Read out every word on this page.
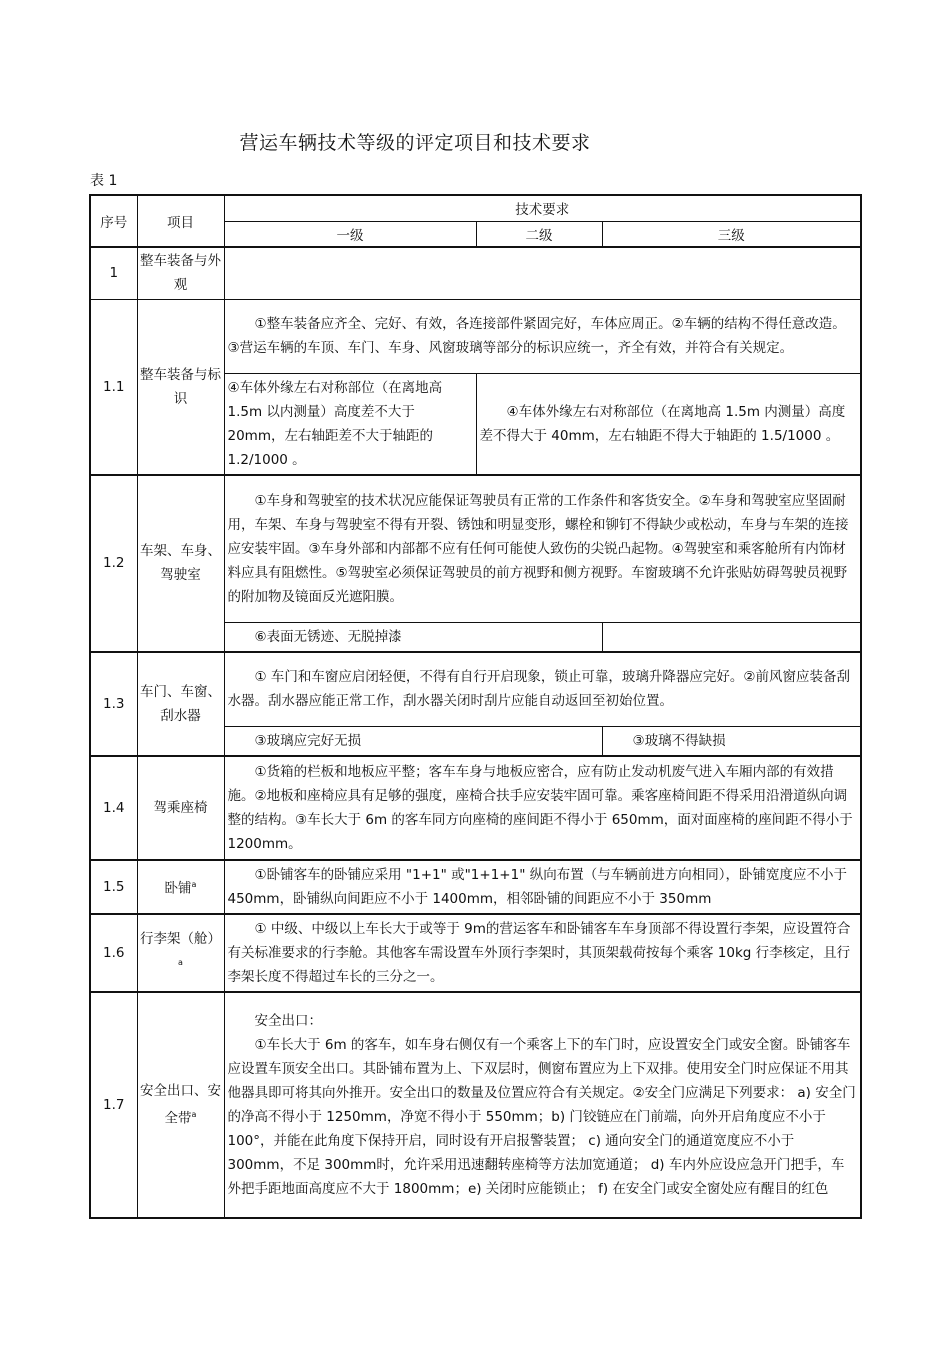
营运车辆技术等级的评定项目和技术要求
表 1
序号	项目	技术要求		
		一级	二级	三级
1	整车装备与外观			
1.1	整车装备与标识	①整车装备应齐全、完好、有效，各连接部件紧固完好，车体应周正。②车辆的结构不得任意改造。③营运车辆的车顶、车门、车身、风窗玻璃等部分的标识应统一，齐全有效，并符合有关规定。		

		④车体外缘左右对称部位（在离地高 1.5m 以内测量）高度差不大于 20mm，左右轴距差不大于轴距的 1.2/1000 。	④车体外缘左右对称部位（在离地高 1.5m 内测量）高度差不得大于 40mm，左右轴距不得大于轴距的 1.5/1000 。	

1.2	车架、车身、驾驶室	①车身和驾驶室的技术状况应能保证驾驶员有正常的工作条件和客货安全。②车身和驾驶室应坚固耐用，车架、车身与驾驶室不得有开裂、锈蚀和明显变形，螺栓和铆钉不得缺少或松动，车身与车架的连接应安装牢固。③车身外部和内部都不应有任何可能使人致伤的尖锐凸起物。④驾驶室和乘客舱所有内饰材料应具有阻燃性。⑤驾驶室必须保证驾驶员的前方视野和侧方视野。车窗玻璃不允许张贴妨碍驾驶员视野的附加物及镜面反光遮阳膜。		

		⑥表面无锈迹、无脱掉漆		

1.3	车门、车窗、刮水器	① 车门和车窗应启闭轻便，不得有自行开启现象，锁止可靠，玻璃升降器应完好。②前风窗应装备刮水器。刮水器应能正常工作，刮水器关闭时刮片应能自动返回至初始位置。		

		③玻璃应完好无损		③玻璃不得缺损

1.4	驾乘座椅	①货箱的栏板和地板应平整；客车车身与地板应密合，应有防止发动机废气进入车厢内部的有效措施。②地板和座椅应具有足够的强度，座椅合扶手应安装牢固可靠。乘客座椅间距不得采用沿滑道纵向调整的结构。③车长大于 6m 的客车同方向座椅的座间距不得小于 650mm，面对面座椅的座间距不得小于 1200mm。		

1.5	卧铺$^a$	①卧铺客车的卧铺应采用 "1+1" 或"1+1+1" 纵向布置（与车辆前进方向相同），卧铺宽度应不小于 450mm，卧铺纵向间距应不小于 1400mm，相邻卧铺的间距应不小于 350mm		

1.6	行李架（舱）$^a$	① 中级、中级以上车长大于或等于 9m的营运客车和卧铺客车车身顶部不得设置行李架，应设置符合有关标准要求的行李舱。其他客车需设置车外顶行李架时，其顶架载荷按每个乘客 10kg 行李核定，且行李架长度不得超过车长的三分之一。		

1.7	安全出口、安全带$^a$	安全出口：

①车长大于 6m 的客车，如车身右侧仅有一个乘客上下的车门时，应设置安全门或安全窗。卧铺客车应设置车顶安全出口。其卧铺布置为上、下双层时，侧窗布置应为上下双排。使用安全门时应保证不用其他器具即可将其向外推开。安全出口的数量及位置应符合有关规定。②安全门应满足下列要求： a) 安全门的净高不得小于 1250mm，净宽不得小于 550mm；b) 门铰链应在门前端，向外开启角度应不小于 100°，并能在此角度下保持开启，同时设有开启报警装置； c) 通向安全门的通道宽度应不小于 300mm，不足 300mm时，允许采用迅速翻转座椅等方法加宽通道； d) 车内外应设应急开门把手，车外把手距地面高度应不大于 1800mm；e) 关闭时应能锁止； f) 在安全门或安全窗处应有醒目的红色		
